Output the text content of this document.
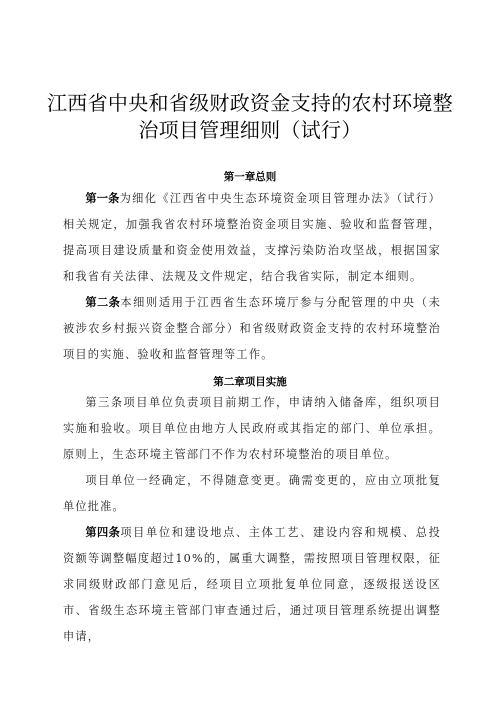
江西省中央和省级财政资金支持的农村环境整治项目管理细则（试行）
第一章总则
第一条为细化《江西省中央生态环境资金项目管理办法》（试行）相关规定，加强我省农村环境整治资金项目实施、验收和监督管理，提高项目建设质量和资金使用效益，支撑污染防治攻坚战，根据国家和我省有关法律、法规及文件规定，结合我省实际，制定本细则。
第二条本细则适用于江西省生态环境厅参与分配管理的中央（未被涉农乡村振兴资金整合部分）和省级财政资金支持的农村环境整治项目的实施、验收和监督管理等工作。
第二章项目实施
第三条项目单位负责项目前期工作，申请纳入储备库，组织项目实施和验收。项目单位由地方人民政府或其指定的部门、单位承担。原则上，生态环境主管部门不作为农村环境整治的项目单位。
项目单位一经确定，不得随意变更。确需变更的，应由立项批复单位批准。
第四条项目单位和建设地点、主体工艺、建设内容和规模、总投资额等调整幅度超过10%的，属重大调整，需按照项目管理权限，征求同级财政部门意见后，经项目立项批复单位同意，逐级报送设区市、省级生态环境主管部门审查通过后，通过项目管理系统提出调整申请，
